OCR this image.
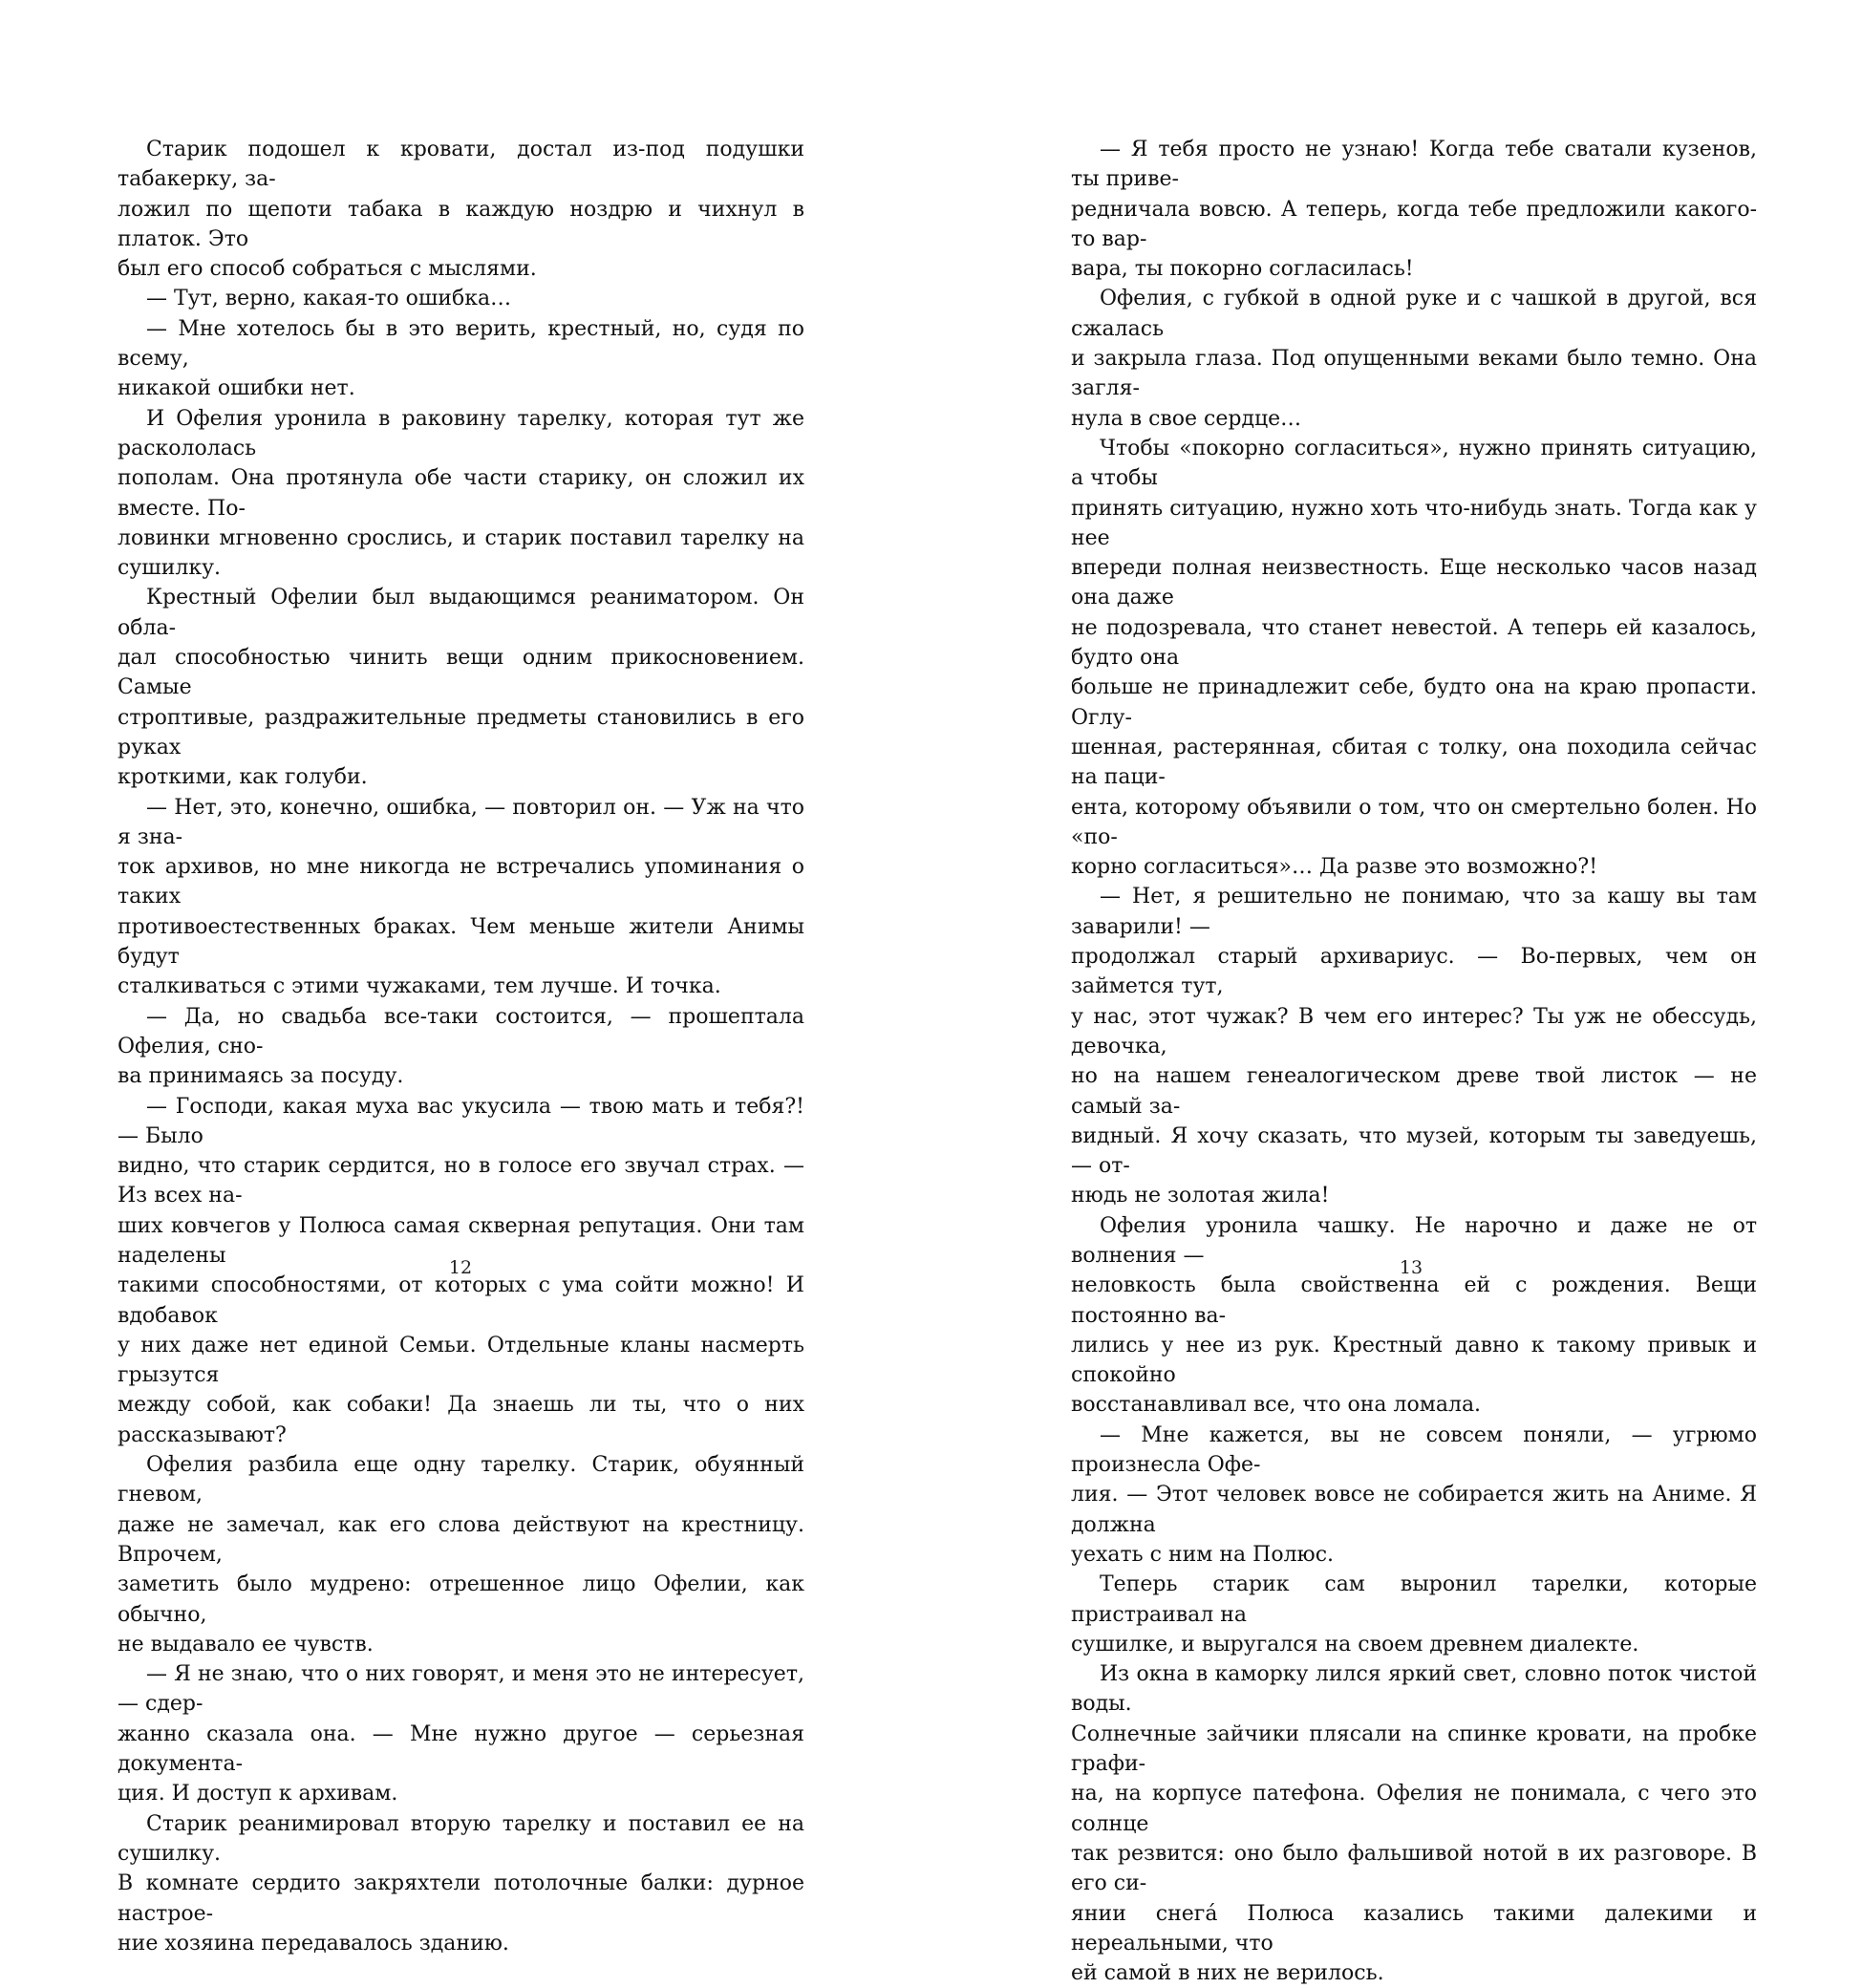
Старик подошел к кровати, достал из-под подушки табакерку, за-
ложил по щепоти табака в каждую ноздрю и чихнул в платок. Это
был его способ собраться с мыслями.

— Тут, верно, какая-то ошибка…

— Мне хотелось бы в это верить, крестный, но, судя по всему,
никакой ошибки нет.

И Офелия уронила в раковину тарелку, которая тут же раскололась
пополам. Она протянула обе части старику, он сложил их вместе. По-
ловинки мгновенно срослись, и старик поставил тарелку на сушилку.

Крестный Офелии был выдающимся реаниматором. Он обла-
дал способностью чинить вещи одним прикосновением. Самые
строптивые, раздражительные предметы становились в его руках
кроткими, как голуби.

— Нет, это, конечно, ошибка, — повторил он. — Уж на что я зна-
ток архивов, но мне никогда не встречались упоминания о таких
противоестественных браках. Чем меньше жители Анимы будут
сталкиваться с этими чужаками, тем лучше. И точка.

— Да, но свадьба все-таки состоится, — прошептала Офелия, сно-
ва принимаясь за посуду.

— Господи, какая муха вас укусила — твою мать и тебя?! — Было
видно, что старик сердится, но в голосе его звучал страх. — Из всех на-
ших ковчегов у Полюса самая скверная репутация. Они там наделены
такими способностями, от которых с ума сойти можно! И вдобавок
у них даже нет единой Семьи. Отдельные кланы насмерть грызутся
между собой, как собаки! Да знаешь ли ты, что о них рассказывают?

Офелия разбила еще одну тарелку. Старик, обуянный гневом,
даже не замечал, как его слова действуют на крестницу. Впрочем,
заметить было мудрено: отрешенное лицо Офелии, как обычно,
не выдавало ее чувств.

— Я не знаю, что о них говорят, и меня это не интересует, — сдер-
жанно сказала она. — Мне нужно другое — серьезная документа-
ция. И доступ к архивам.

Старик реанимировал вторую тарелку и поставил ее на сушилку.
В комнате сердито закряхтели потолочные балки: дурное настрое-
ние хозяина передавалось зданию.

12

— Я тебя просто не узнаю! Когда тебе сватали кузенов, ты приве-
редничала вовсю. А теперь, когда тебе предложили какого-то вар-
вара, ты покорно согласилась!

Офелия, с губкой в одной руке и с чашкой в другой, вся сжалась
и закрыла глаза. Под опущенными веками было темно. Она загля-
нула в свое сердце…

Чтобы «покорно согласиться», нужно принять ситуацию, а чтобы
принять ситуацию, нужно хоть что-нибудь знать. Тогда как у нее
впереди полная неизвестность. Еще несколько часов назад она даже
не подозревала, что станет невестой. А теперь ей казалось, будто она
больше не принадлежит себе, будто она на краю пропасти. Оглу-
шенная, растерянная, сбитая с толку, она походила сейчас на паци-
ента, которому объявили о том, что он смертельно болен. Но «по-
корно согласиться»… Да разве это возможно?!

— Нет, я решительно не понимаю, что за кашу вы там заварили! —
продолжал старый архивариус. — Во-первых, чем он займется тут,
у нас, этот чужак? В чем его интерес? Ты уж не обессудь, девочка,
но на нашем генеалогическом древе твой листок — не самый за-
видный. Я хочу сказать, что музей, которым ты заведуешь, — от-
нюдь не золотая жила!

Офелия уронила чашку. Не нарочно и даже не от волнения —
неловкость была свойственна ей с рождения. Вещи постоянно ва-
лились у нее из рук. Крестный давно к такому привык и спокойно
восстанавливал все, что она ломала.

— Мне кажется, вы не совсем поняли, — угрюмо произнесла Офе-
лия. — Этот человек вовсе не собирается жить на Аниме. Я должна
уехать с ним на Полюс.

Теперь старик сам выронил тарелки, которые пристраивал на
сушилке, и выругался на своем древнем диалекте.

Из окна в каморку лился яркий свет, словно поток чистой воды.
Солнечные зайчики плясали на спинке кровати, на пробке графи-
на, на корпусе патефона. Офелия не понимала, с чего это солнце
так резвится: оно было фальшивой нотой в их разговоре. В его си-
янии снегá Полюса казались такими далекими и нереальными, что
ей самой в них не верилось.

13
